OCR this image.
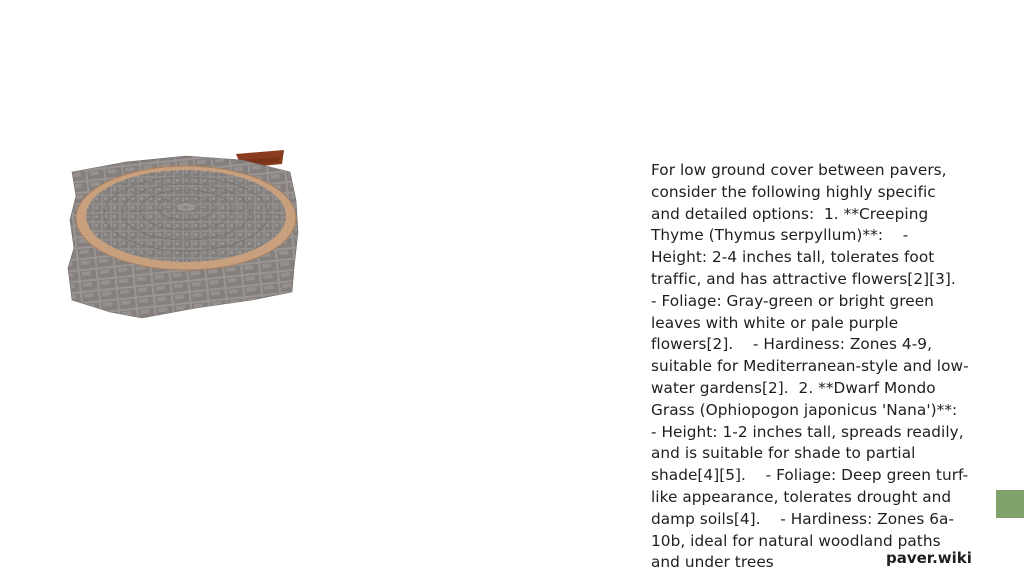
For low ground cover between pavers, consider the following highly specific and detailed options:  1. **Creeping Thyme (Thymus serpyllum)**:    - Height: 2-4 inches tall, tolerates foot traffic, and has attractive flowers[2][3].    - Foliage: Gray-green or bright green leaves with white or pale purple flowers[2].    - Hardiness: Zones 4-9, suitable for Mediterranean-style and low-water gardens[2].  2. **Dwarf Mondo Grass (Ophiopogon japonicus 'Nana')**:    - Height: 1-2 inches tall, spreads readily, and is suitable for shade to partial shade[4][5].    - Foliage: Deep green turf-like appearance, tolerates drought and damp soils[4].    - Hardiness: Zones 6a-10b, ideal for natural woodland paths and under trees	paver.wiki
